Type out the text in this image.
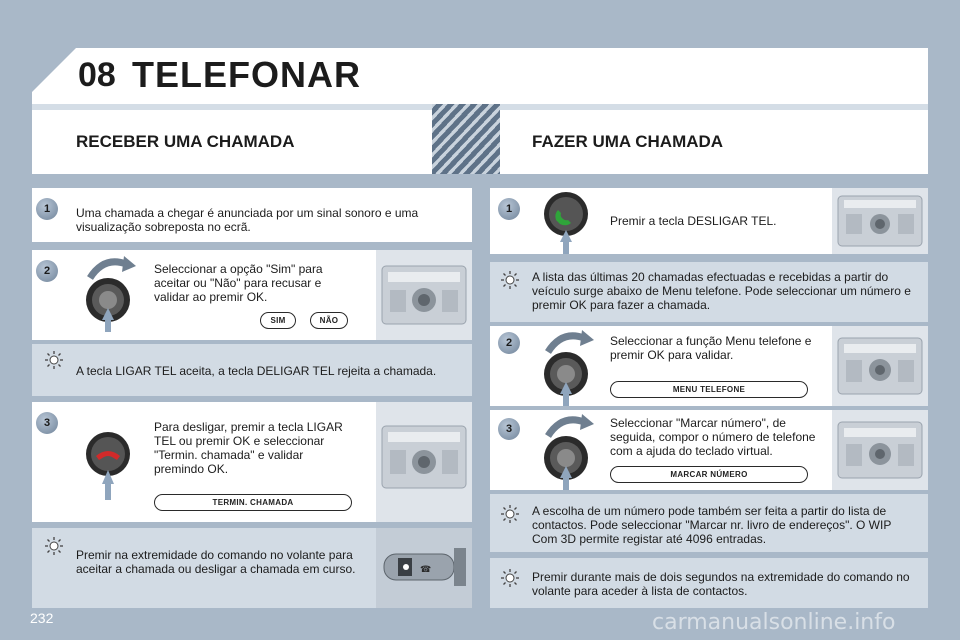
08 TELEFONAR
RECEBER UMA CHAMADA	FAZER UMA CHAMADA
1	Uma chamada a chegar é anunciada por um sinal sonoro e uma visualização sobreposta no ecrã.
2	Seleccionar a opção "Sim" para aceitar ou "Não" para recusar e validar ao premir OK.
SIM	NÃO
A tecla LIGAR TEL aceita, a tecla DELIGAR TEL rejeita a chamada.
3	Para desligar, premir a tecla LIGAR TEL ou premir OK e seleccionar "Termin. chamada" e validar premindo OK.
TERMIN. CHAMADA
Premir na extremidade do comando no volante para aceitar a chamada ou desligar a chamada em curso.	☎
1
Premir a tecla DESLIGAR TEL.
A lista das últimas 20 chamadas efectuadas e recebidas a partir do veículo surge abaixo de Menu telefone. Pode seleccionar um número e premir OK para fazer a chamada.
2	Seleccionar a função Menu telefone e premir OK para validar.
MENU TELEFONE
3	Seleccionar "Marcar número", de seguida, compor o número de telefone com a ajuda do teclado virtual.
MARCAR NÚMERO
A escolha de um número pode também ser feita a partir do lista de contactos. Pode seleccionar "Marcar nr. livro de endereços". O WIP Com 3D permite registar até 4096 entradas.
Premir durante mais de dois segundos na extremidade do comando no volante para aceder à lista de contactos.
232	carmanualsonline.info
